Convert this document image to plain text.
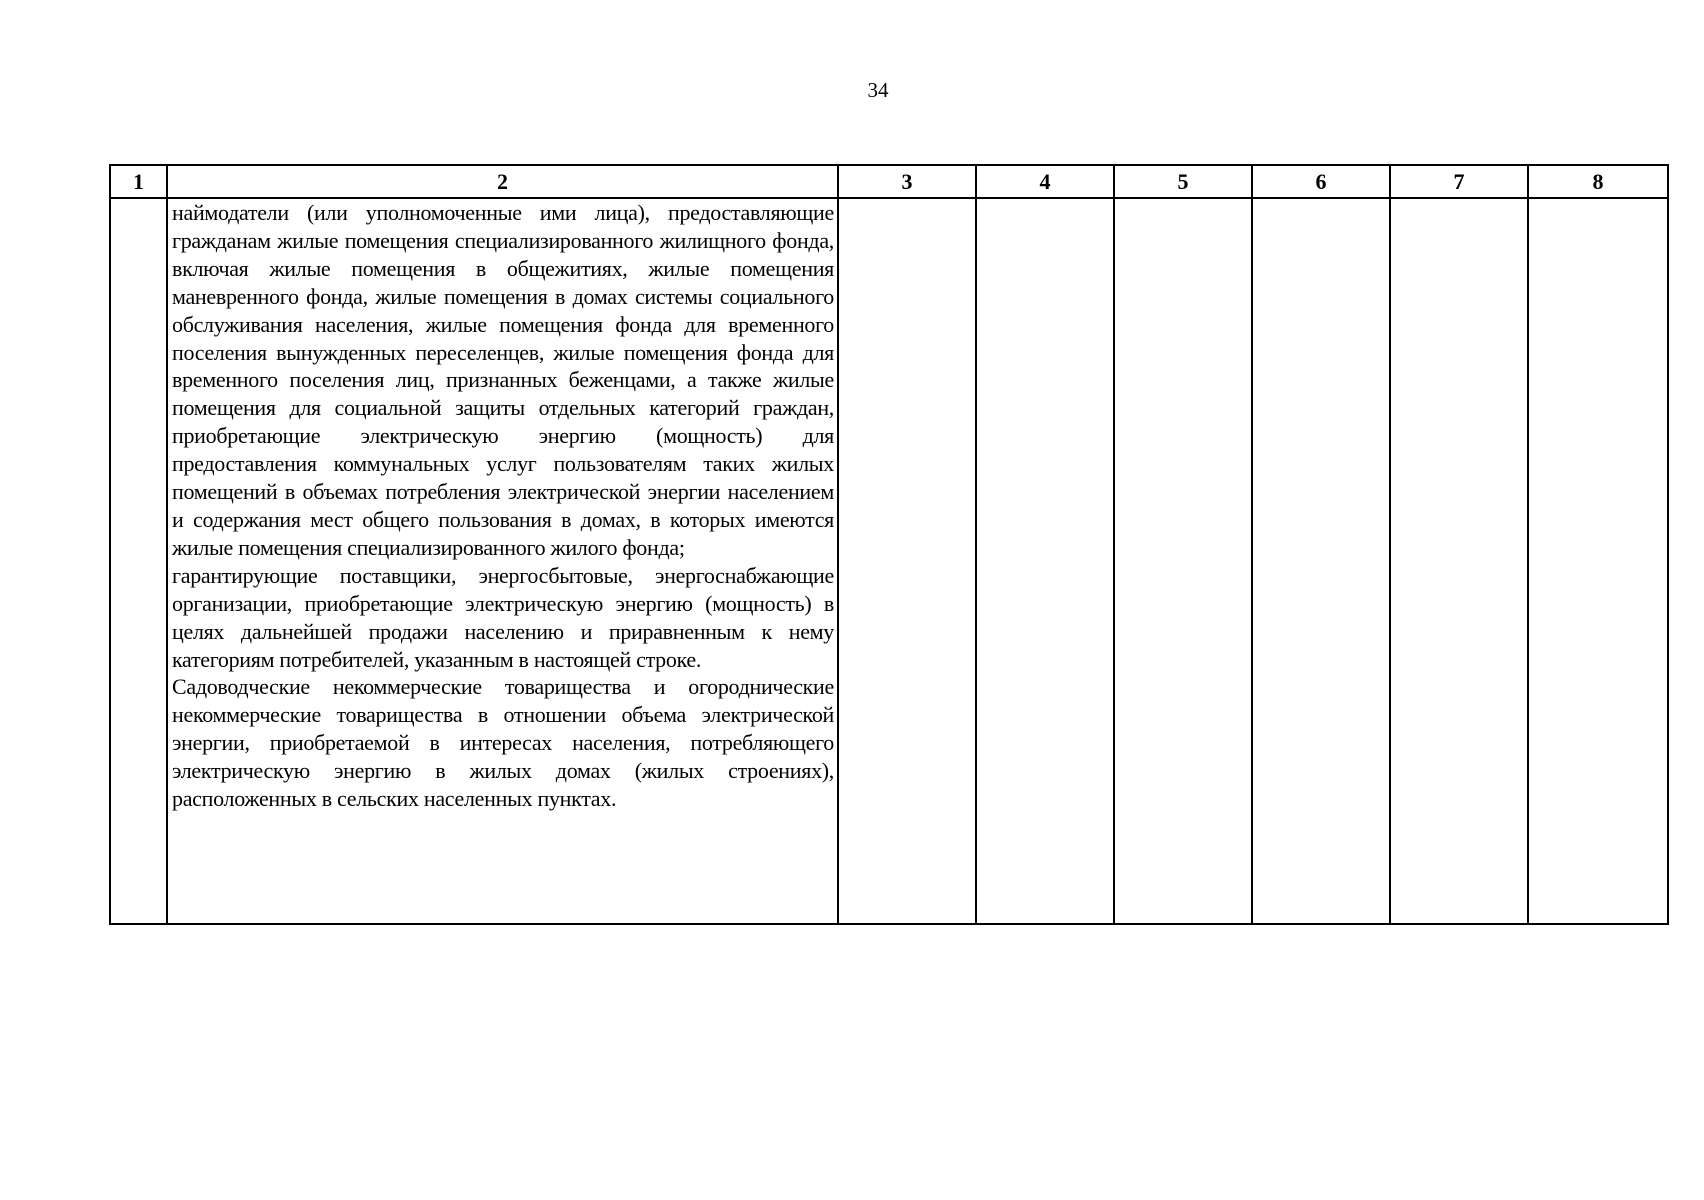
34
1	2	3	4	5	6	7	8

	наймодатели (или уполномоченные ими лица), предоставляющие гражданам жилые помещения специализированного жилищного фонда, включая жилые помещения в общежитиях, жилые помещения маневренного фонда, жилые помещения в домах системы социального обслуживания населения, жилые помещения фонда для временного поселения вынужденных переселенцев, жилые помещения фонда для временного поселения лиц, признанных беженцами, а также жилые помещения для социальной защиты отдельных категорий граждан, приобретающие электрическую энергию (мощность) для предоставления коммунальных услуг пользователям таких жилых помещений в объемах потребления электрической энергии населением и содержания мест общего пользования в домах, в которых имеются жилые помещения специализированного жилого фонда;
гарантирующие поставщики, энергосбытовые, энергоснабжающие организации, приобретающие электрическую энергию (мощность) в целях дальнейшей продажи населению и приравненным к нему категориям потребителей, указанным в настоящей строке.
Садоводческие некоммерческие товарищества и огороднические некоммерческие товарищества в отношении объема электрической энергии, приобретаемой в интересах населения, потребляющего электрическую энергию в жилых домах (жилых строениях), расположенных в сельских населенных пунктах.						
